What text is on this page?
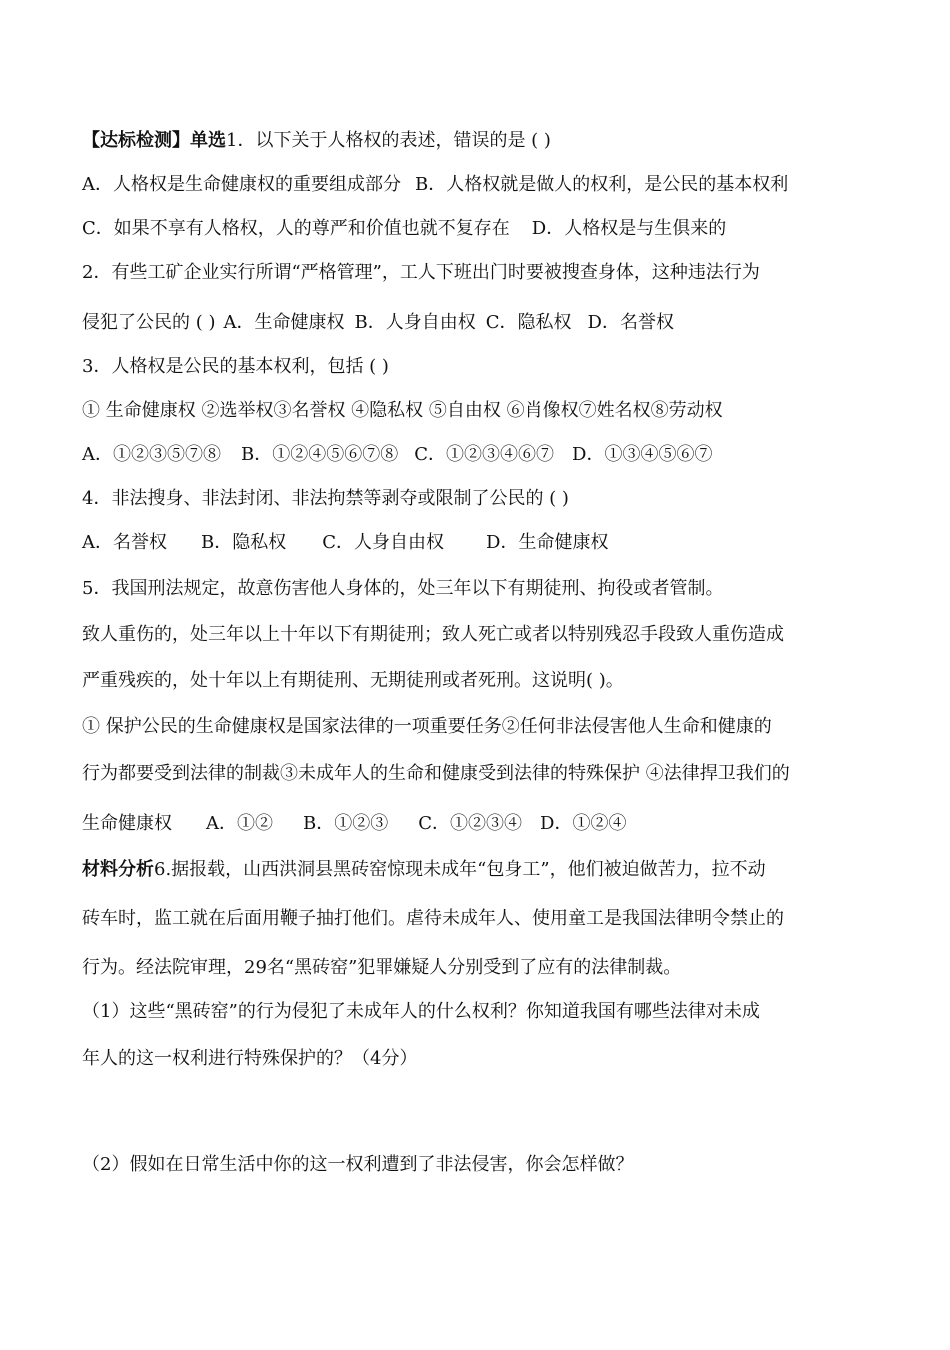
【达标检测】单选1．以下关于人格权的表述，错误的是 ( )
A．人格权是生命健康权的重要组成部分 B．人格权就是做人的权利，是公民的基本权利
C．如果不享有人格权，人的尊严和价值也就不复存在 D．人格权是与生俱来的
2．有些工矿企业实行所谓“严格管理”，工人下班出门时要被搜查身体，这种违法行为
侵犯了公民的 ( ) A．生命健康权 B．人身自由权 C．隐私权 D．名誉权
3．人格权是公民的基本权利，包括 ( )
① 生命健康权 ②选举权③名誉权 ④隐私权 ⑤自由权 ⑥肖像权⑦姓名权⑧劳动权
A．①②③⑤⑦⑧ B．①②④⑤⑥⑦⑧ C．①②③④⑥⑦ D．①③④⑤⑥⑦
4．非法搜身、非法封闭、非法拘禁等剥夺或限制了公民的 ( )
A．名誉权 B．隐私权 C．人身自由权 D．生命健康权
5．我国刑法规定，故意伤害他人身体的，处三年以下有期徒刑、拘役或者管制。
致人重伤的，处三年以上十年以下有期徒刑；致人死亡或者以特别残忍手段致人重伤造成
严重残疾的，处十年以上有期徒刑、无期徒刑或者死刑。这说明( )。
① 保护公民的生命健康权是国家法律的一项重要任务②任何非法侵害他人生命和健康的
行为都要受到法律的制裁③未成年人的生命和健康受到法律的特殊保护 ④法律捍卫我们的
生命健康权 A．①② B．①②③ C．①②③④ D．①②④
材料分析6.据报载，山西洪洞县黑砖窑惊现未成年“包身工”，他们被迫做苦力，拉不动
砖车时，监工就在后面用鞭子抽打他们。虐待未成年人、使用童工是我国法律明令禁止的
行为。经法院审理，29名“黑砖窑”犯罪嫌疑人分别受到了应有的法律制裁。
（1）这些“黑砖窑”的行为侵犯了未成年人的什么权利？你知道我国有哪些法律对未成
年人的这一权利进行特殊保护的？（4分）
（2）假如在日常生活中你的这一权利遭到了非法侵害，你会怎样做？
